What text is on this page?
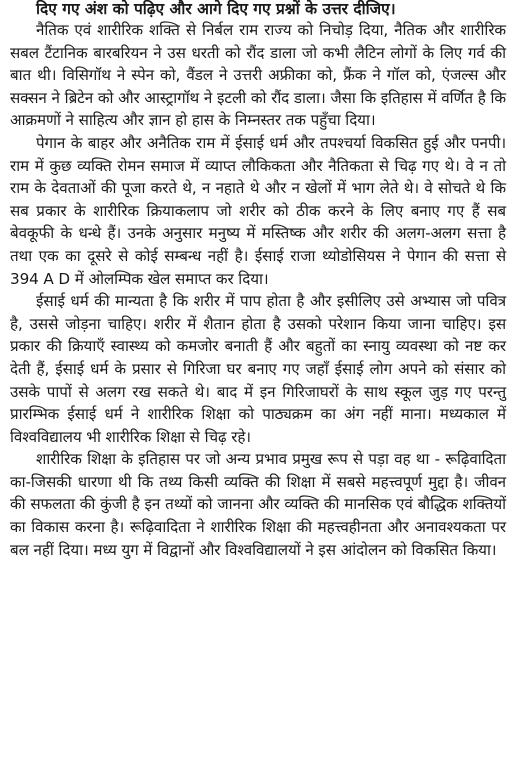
दिए गए अंश को पढ़िए और आगे दिए गए प्रश्नों के उत्तर दीजिए।

नैतिक एवं शारीरिक शक्ति से निर्बल राम राज्य को निचोड़ दिया, नैतिक और शारीरिक सबल टैंटानिक बारबरियन ने उस धरती को रौंद डाला जो कभी लैटिन लोगों के लिए गर्व की बात थी। विसिगॉथ ने स्पेन को, वैंडल ने उत्तरी अफ्रीका को, फ्रैंक ने गॉल को, एंजल्स और सक्सन ने ब्रिटेन को और आस्ट्रागॉथ ने इटली को रौंद डाला। जैसा कि इतिहास में वर्णित है कि आक्रमणों ने साहित्य और ज्ञान हो हास के निम्नस्तर तक पहुँचा दिया।

पेगान के बाहर और अनैतिक राम में ईसाई धर्म और तपश्चर्या विकसित हुई और पनपी। राम में कुछ व्यक्ति रोमन समाज में व्याप्त लौकिकता और नैतिकता से चिढ़ गए थे। वे न तो राम के देवताओं की पूजा करते थे, न नहाते थे और न खेलों में भाग लेते थे। वे सोचते थे कि सब प्रकार के शारीरिक क्रियाकलाप जो शरीर को ठीक करने के लिए बनाए गए हैं सब बेवकूफी के धन्धे हैं। उनके अनुसार मनुष्य में मस्तिष्क और शरीर की अलग-अलग सत्ता है तथा एक का दूसरे से कोई सम्बन्ध नहीं है। ईसाई राजा थ्योडोसियस ने पेगान की सत्ता से 394 A D में ओलम्पिक खेल समाप्त कर दिया।

ईसाई धर्म की मान्यता है कि शरीर में पाप होता है और इसीलिए उसे अभ्यास जो पवित्र है, उससे जोड़ना चाहिए। शरीर में शैतान होता है उसको परेशान किया जाना चाहिए। इस प्रकार की क्रियाएँ स्वास्थ्य को कमजोर बनाती हैं और बहुतों का स्नायु व्यवस्था को नष्ट कर देती हैं, ईसाई धर्म के प्रसार से गिरिजा घर बनाए गए जहाँ ईसाई लोग अपने को संसार को उसके पापों से अलग रख सकते थे। बाद में इन गिरिजाघरों के साथ स्कूल जुड़ गए परन्तु प्रारम्भिक ईसाई धर्म ने शारीरिक शिक्षा को पाठ्यक्रम का अंग नहीं माना। मध्यकाल में विश्वविद्यालय भी शारीरिक शिक्षा से चिढ़ रहे।

शारीरिक शिक्षा के इतिहास पर जो अन्य प्रभाव प्रमुख रूप से पड़ा वह था - रूढ़िवादिता का-जिसकी धारणा थी कि तथ्य किसी व्यक्ति की शिक्षा में सबसे महत्त्वपूर्ण मुद्दा है। जीवन की सफलता की कुंजी है इन तथ्यों को जानना और व्यक्ति की मानसिक एवं बौद्धिक शक्तियों का विकास करना है। रूढ़िवादिता ने शारीरिक शिक्षा की महत्त्वहीनता और अनावश्यकता पर बल नहीं दिया। मध्य युग में विद्वानों और विश्वविद्यालयों ने इस आंदोलन को विकसित किया।
